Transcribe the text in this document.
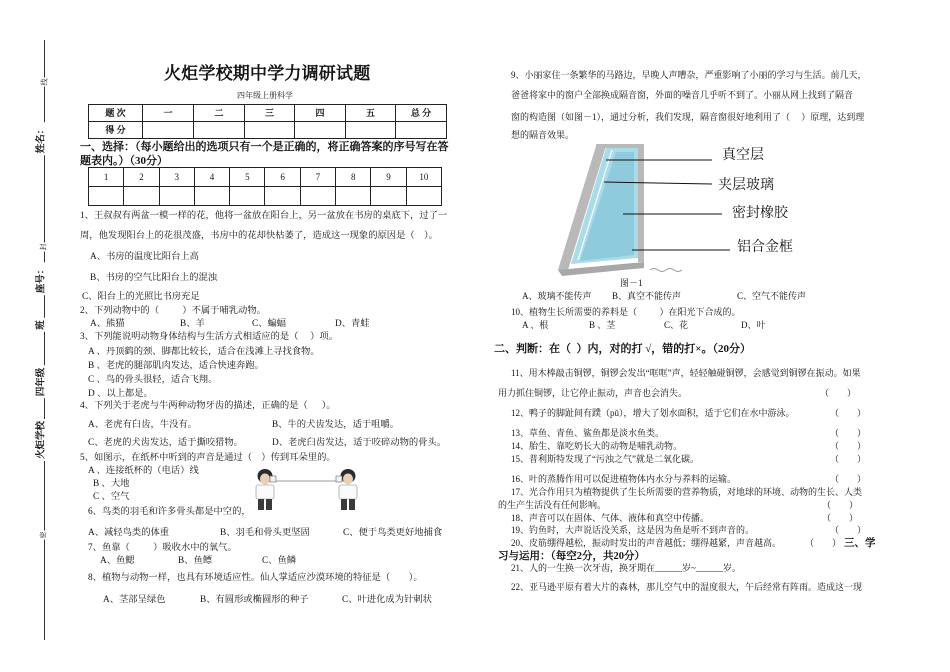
线
封
密
姓名：
座号：
班
四年级
火炬学校
火炬学校期中学力调研试题
四年级上册科学
题 次	一	二	三	四	五	总 分
得 分						
一、选择：（每小题给出的选项只有一个是正确的，将正确答案的序号写在答
题表内。）（30分）
1	2	3	4	5	6	7	8	9	10

1、王叔叔有两盆一模一样的花，他将一盆放在阳台上，另一盆放在书房的桌底下，过了一
周，他发现阳台上的花很茂盛，书房中的花却快枯萎了，造成这一现象的原因是（    ）。
A、书房的温度比阳台上高
B、书房的空气比阳台上的混浊
C、阳台上的光照比书房充足
2、下列动物中的（          ）不属于哺乳动物。
A、熊猫	B、羊	C、蝙蝠	D、青蛙
3、下列能说明动物身体结构与生活方式相适应的是（     ）项。
A 、丹顶鹤的颈、脚都比较长，适合在浅滩上寻找食物。
B 、老虎的腿部肌肉发达，适合快速奔跑。
C 、鸟的骨头很轻，适合飞翔。
D 、以上都是。
4、下列关于老虎与牛两种动物牙齿的描述，正确的是（      ）。
A、老虎有臼齿，牛没有。	B、牛的犬齿发达，适于咀嚼。
C、老虎的犬齿发达，适于撕咬猎物。	D、老虎臼齿发达，适于咬碎动物的骨头。
5、如图示，在纸杯中听到的声音是通过（    ）传到耳朵里的。
A 、连接纸杯的（电话）线
B 、大地
C 、空气
6、鸟类的羽毛和许多骨头都是中空的，
A、减轻鸟类的体重	B、羽毛和骨头更坚固	C、便于鸟类更好地捕食
7、鱼靠（          ）吸收水中的氧气。
A、鱼鳃	B、鱼鳔	C、鱼鳞
8、植物与动物一样，也具有环境适应性。仙人掌适应沙漠环境的特征是（        ）。
A、茎部呈绿色	B、有圆形或椭圆形的种子	C、叶进化成为针刺状
9、小丽家住一条繁华的马路边，早晚人声嘈杂，严重影响了小丽的学习与生活。前几天，
爸爸将家中的窗户全部换成隔音窗，外面的噪音几乎听不到了。小丽从网上找到了隔音
窗的构造图（如图－1），通过分析，我们发现，隔音窗很好地利用了（     ）原理，达到理
想的隔音效果。
真空层
夹层玻璃
密封橡胶
铝合金框
图－1
A、玻璃不能传声 B、真空不能传声	C、空气不能传声
10、植物生长所需要的养料是（          ）在阳光下合成的。
A 、根	B 、茎	C、花	D、叶
二、判断：在（  ）内，对的打 √，错的打×。（20分）
11、用木棒敲击铜锣，铜锣会发出“哐哐”声，轻轻触碰铜锣，会感觉到铜锣在振动。如果
用力抓住铜锣，让它停止振动，声音也会消失。	（        ）
12、鸭子的脚趾间有蹼（pǔ），增大了划水面积，适于它们在水中游泳。	（        ）
13、草鱼、青鱼、鲨鱼都是淡水鱼类。	（        ）
14、胎生、靠吃奶长大的动物是哺乳动物。	（        ）
15、普利斯特发现了“污浊之气”就是二氧化碳。	（        ）
16、叶的蒸腾作用可以促进植物体内水分与养料的运输。	（        ）
17、光合作用只为植物提供了生长所需要的营养物质，对地球的环境、动物的生长、人类
的生产生活没有任何影响。	（        ）
18、声音可以在固体、气体、液体和真空中传播。	（        ）
19、钓鱼时，大声说话没关系，这是因为鱼是听不到声音的。	（        ）
20、皮筋绷得越松，振动时发出的声音越低；绷得越紧，声音越高。	（        ） 三、学
习与运用：（每空2分，共20分）
21、人的一生换一次牙齿，换牙期在______岁~______岁。
22、亚马逊平原有着大片的森林，那儿空气中的湿度很大，午后经常有阵雨。造成这一现
